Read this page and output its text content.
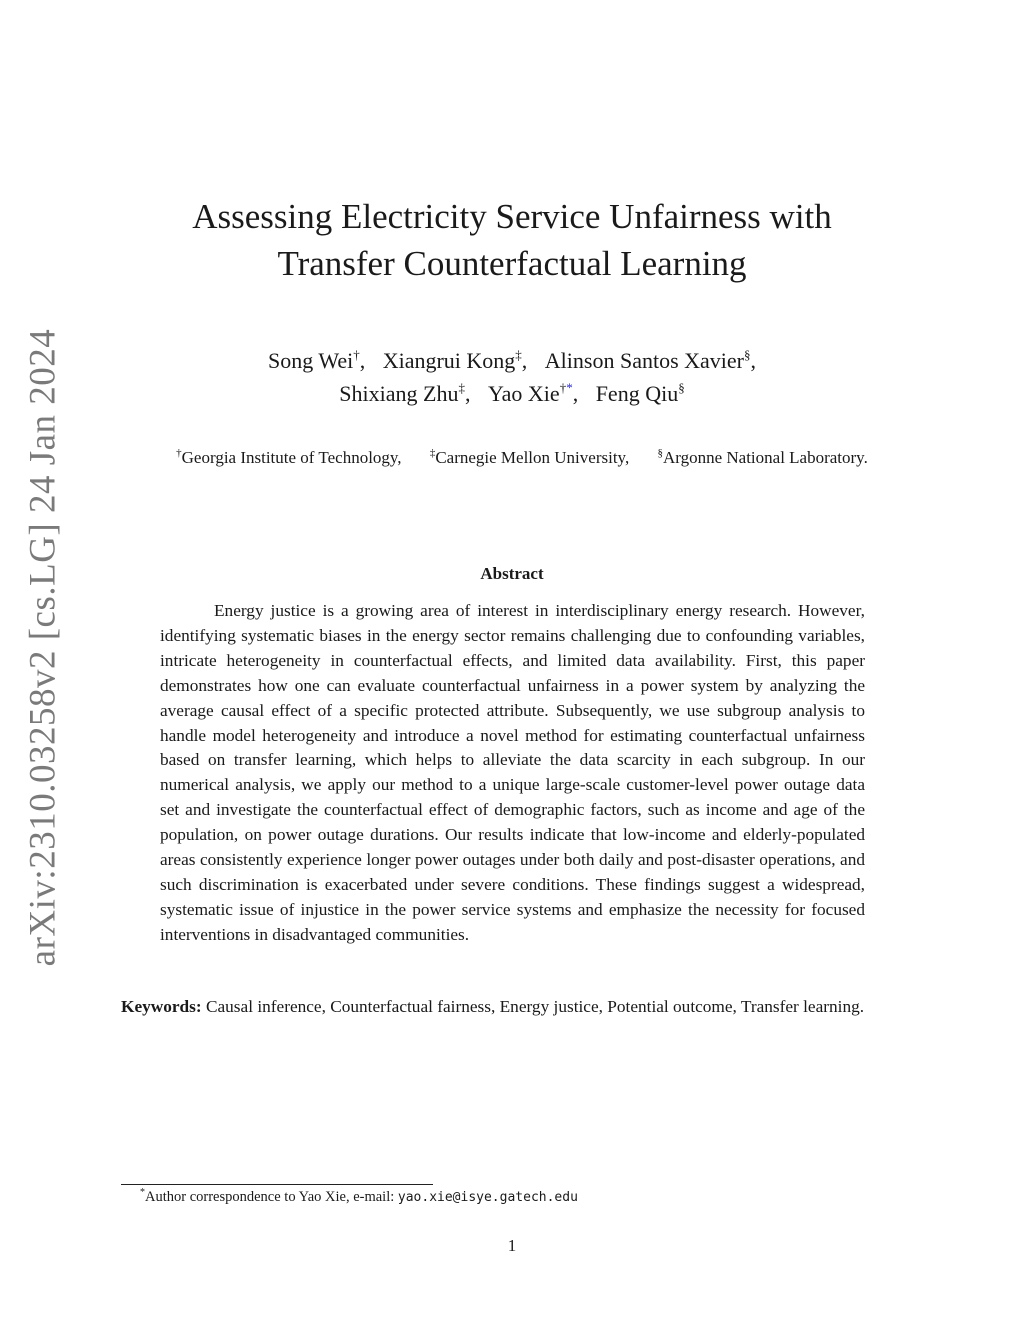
arXiv:2310.03258v2 [cs.LG] 24 Jan 2024
Assessing Electricity Service Unfairness with
Transfer Counterfactual Learning
Song Wei†, Xiangrui Kong‡, Alinson Santos Xavier§,
Shixiang Zhu‡, Yao Xie†*, Feng Qiu§
†Georgia Institute of Technology,	‡Carnegie Mellon University,	§Argonne National Laboratory.
Abstract

Energy justice is a growing area of interest in interdisciplinary energy research. However, identifying systematic biases in the energy sector remains challenging due to confounding variables, intricate heterogeneity in counterfactual effects, and limited data availability. First, this paper demonstrates how one can evaluate counterfactual unfairness in a power system by analyzing the average causal effect of a specific protected attribute. Subsequently, we use subgroup analysis to handle model heterogeneity and introduce a novel method for estimating counterfactual unfairness based on transfer learning, which helps to alleviate the data scarcity in each subgroup. In our numerical analysis, we apply our method to a unique large-scale customer-level power outage data set and investigate the counterfactual effect of demographic factors, such as income and age of the population, on power outage durations. Our results indicate that low-income and elderly-populated areas consistently experience longer power outages under both daily and post-disaster operations, and such discrimination is exacerbated under severe conditions. These findings suggest a widespread, systematic issue of injustice in the power service systems and emphasize the necessity for focused interventions in disadvantaged communities.

Keywords: Causal inference, Counterfactual fairness, Energy justice, Potential outcome, Transfer learning.

*Author correspondence to Yao Xie, e-mail: yao.xie@isye.gatech.edu
1
